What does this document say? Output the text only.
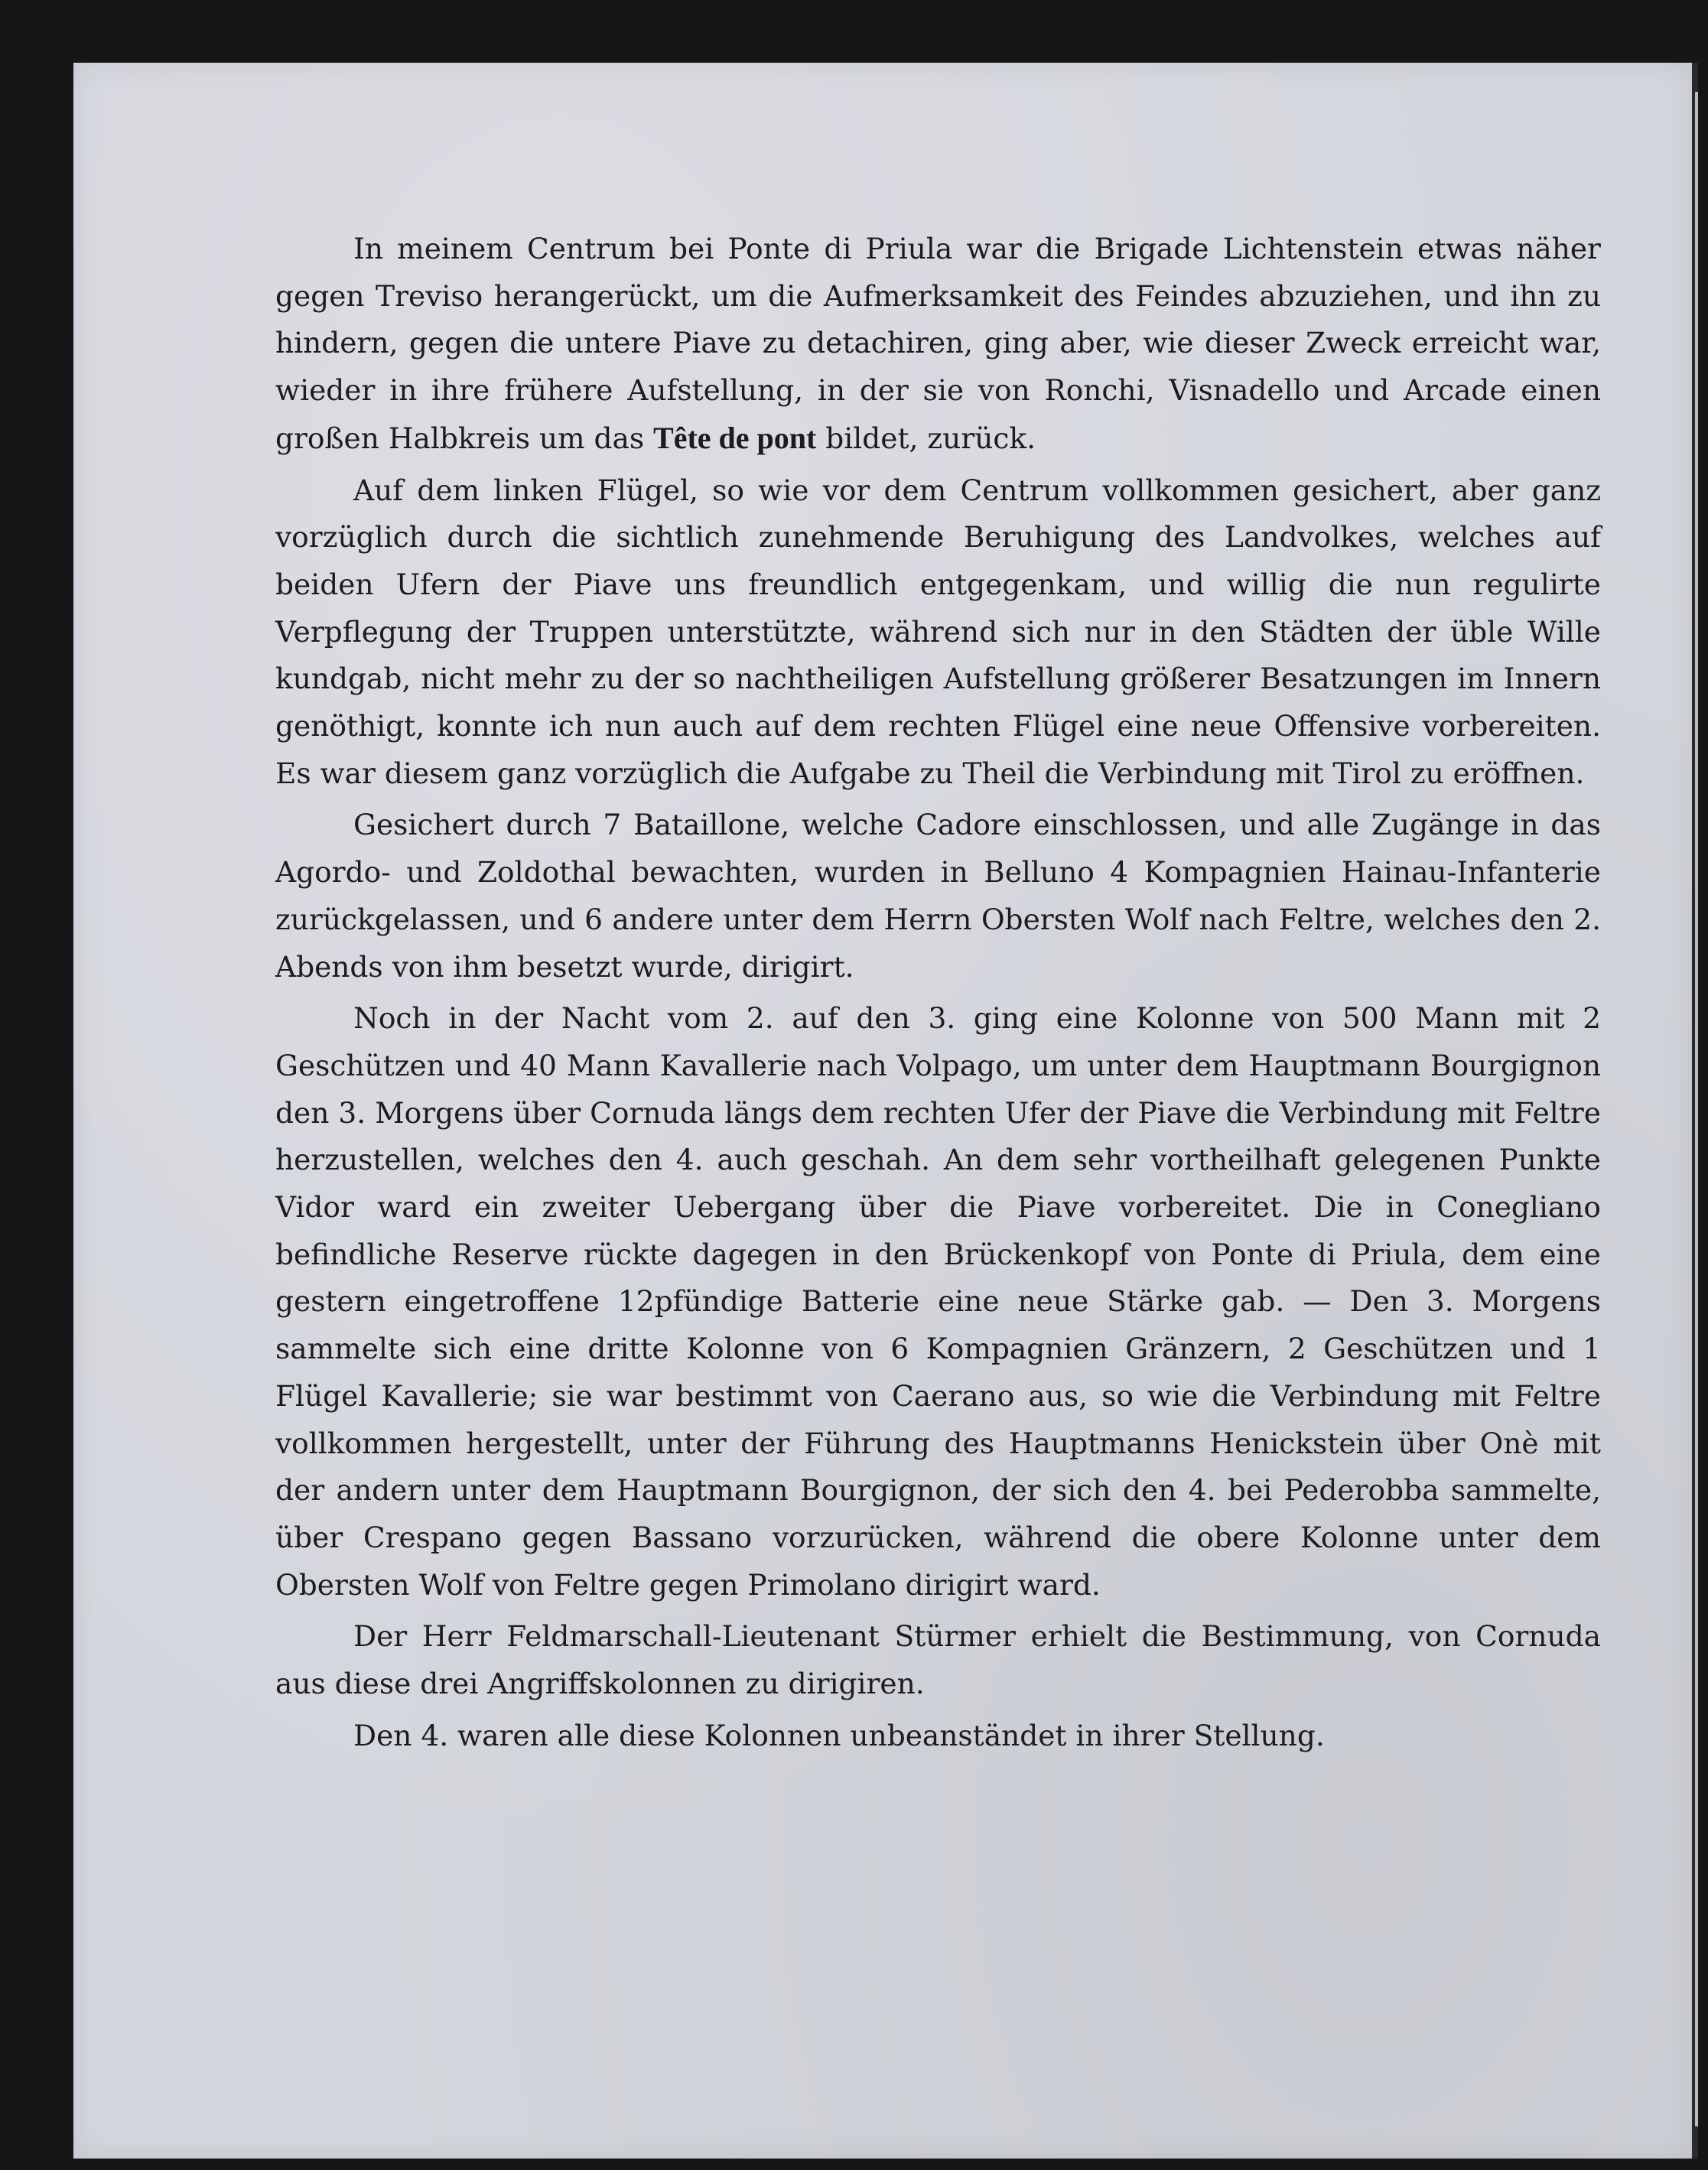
In meinem Centrum bei Ponte di Priula war die Brigade Lichtenstein etwas näher gegen Treviso herangerückt, um die Aufmerksamkeit des Feindes abzuziehen, und ihn zu hindern, gegen die untere Piave zu detachiren, ging aber, wie dieser Zweck erreicht war, wieder in ihre frühere Aufstellung, in der sie von Ronchi, Visnadello und Arcade einen großen Halbkreis um das Tête de pont bildet, zurück.

Auf dem linken Flügel, so wie vor dem Centrum vollkommen gesichert, aber ganz vorzüglich durch die sichtlich zunehmende Beruhigung des Landvolkes, welches auf beiden Ufern der Piave uns freundlich entgegenkam, und willig die nun regulirte Verpflegung der Truppen unterstützte, während sich nur in den Städten der üble Wille kundgab, nicht mehr zu der so nachtheiligen Aufstellung größerer Besatzungen im Innern genöthigt, konnte ich nun auch auf dem rechten Flügel eine neue Offensive vorbereiten. Es war diesem ganz vorzüglich die Aufgabe zu Theil die Verbindung mit Tirol zu eröffnen.

Gesichert durch 7 Bataillone, welche Cadore einschlossen, und alle Zugänge in das Agordo- und Zoldothal bewachten, wurden in Belluno 4 Kompagnien Hainau-Infanterie zurückgelassen, und 6 andere unter dem Herrn Obersten Wolf nach Feltre, welches den 2. Abends von ihm besetzt wurde, dirigirt.

Noch in der Nacht vom 2. auf den 3. ging eine Kolonne von 500 Mann mit 2 Geschützen und 40 Mann Kavallerie nach Volpago, um unter dem Hauptmann Bourgignon den 3. Morgens über Cornuda längs dem rechten Ufer der Piave die Verbindung mit Feltre herzustellen, welches den 4. auch geschah. An dem sehr vortheilhaft gelegenen Punkte Vidor ward ein zweiter Uebergang über die Piave vorbereitet. Die in Conegliano befindliche Reserve rückte dagegen in den Brückenkopf von Ponte di Priula, dem eine gestern eingetroffene 12pfündige Batterie eine neue Stärke gab. — Den 3. Morgens sammelte sich eine dritte Kolonne von 6 Kompagnien Gränzern, 2 Geschützen und 1 Flügel Kavallerie; sie war bestimmt von Caerano aus, so wie die Verbindung mit Feltre vollkommen hergestellt, unter der Führung des Hauptmanns Henickstein über Onè mit der andern unter dem Hauptmann Bourgignon, der sich den 4. bei Pederobba sammelte, über Crespano gegen Bassano vorzurücken, während die obere Kolonne unter dem Obersten Wolf von Feltre gegen Primolano dirigirt ward.

Der Herr Feldmarschall-Lieutenant Stürmer erhielt die Bestimmung, von Cornuda aus diese drei Angriffskolonnen zu dirigiren.

Den 4. waren alle diese Kolonnen unbeanständet in ihrer Stellung.
